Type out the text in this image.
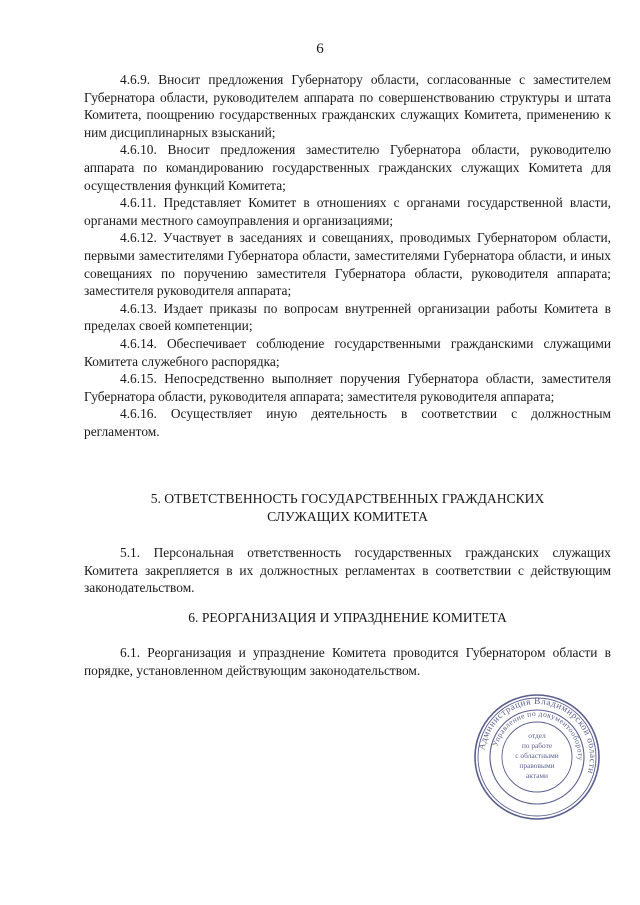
6

4.6.9. Вносит предложения Губернатору области, согласованные с заместителем Губернатора области, руководителем аппарата по совершенствованию структуры и штата Комитета, поощрению государственных гражданских служащих Комитета, применению к ним дисциплинарных взысканий;

4.6.10. Вносит предложения заместителю Губернатора области, руководителю аппарата по командированию государственных гражданских служащих Комитета для осуществления функций Комитета;

4.6.11. Представляет Комитет в отношениях с органами государственной власти, органами местного самоуправления и организациями;

4.6.12. Участвует в заседаниях и совещаниях, проводимых Губернатором области, первыми заместителями Губернатора области, заместителями Губернатора области, и иных совещаниях по поручению заместителя Губернатора области, руководителя аппарата; заместителя руководителя аппарата;

4.6.13. Издает приказы по вопросам внутренней организации работы Комитета в пределах своей компетенции;

4.6.14. Обеспечивает соблюдение государственными гражданскими служащими Комитета служебного распорядка;

4.6.15. Непосредственно выполняет поручения Губернатора области, заместителя Губернатора области, руководителя аппарата; заместителя руководителя аппарата;

4.6.16. Осуществляет иную деятельность в соответствии с должностным регламентом.

5. ОТВЕТСТВЕННОСТЬ ГОСУДАРСТВЕННЫХ ГРАЖДАНСКИХ
СЛУЖАЩИХ КОМИТЕТА

5.1. Персональная ответственность государственных гражданских служащих Комитета закрепляется в их должностных регламентах в соответствии с действующим законодательством.

6. РЕОРГАНИЗАЦИЯ И УПРАЗДНЕНИЕ КОМИТЕТА

6.1. Реорганизация и упразднение Комитета проводится Губернатором области в порядке, установленном действующим законодательством.

Администрация Владимирской области
Управление по документообороту
отдел
по работе
с областными
правовыми
актами
